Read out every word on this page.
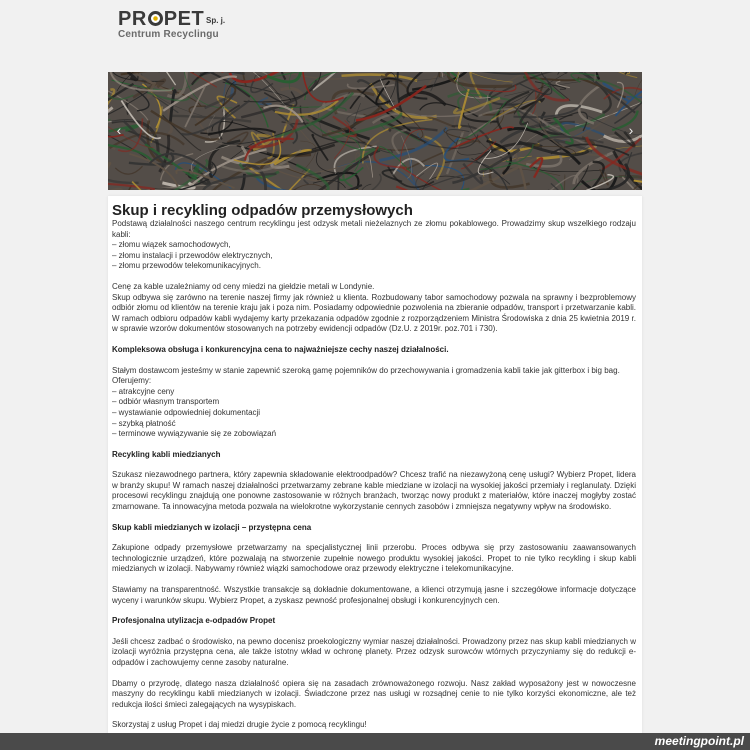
PR PET Sp. j.
Centrum Recyclingu
‹	›
Skup i recykling odpadów przemysłowych

Podstawą działalności naszego centrum recyklingu jest odzysk metali nieżelaznych ze złomu pokablowego. Prowadzimy skup wszelkiego rodzaju kabli:

– złomu wiązek samochodowych,
– złomu instalacji i przewodów elektrycznych,
– złomu przewodów telekomunikacyjnych.

Cenę za kable uzależniamy od ceny miedzi na giełdzie metali w Londynie.

Skup odbywa się zarówno na terenie naszej firmy jak również u klienta. Rozbudowany tabor samochodowy pozwala na sprawny i bezproblemowy odbiór złomu od klientów na terenie kraju jak i poza nim. Posiadamy odpowiednie pozwolenia na zbieranie odpadów, transport i przetwarzanie kabli. W ramach odbioru odpadów kabli wydajemy karty przekazania odpadów zgodnie z rozporządzeniem Ministra Środowiska z dnia 25 kwietnia 2019 r. w sprawie wzorów dokumentów stosowanych na potrzeby ewidencji odpadów (Dz.U. z 2019r. poz.701 i 730).

Kompleksowa obsługa i konkurencyjna cena to najważniejsze cechy naszej działalności.

Stałym dostawcom jesteśmy w stanie zapewnić szeroką gamę pojemników do przechowywania i gromadzenia kabli takie jak gitterbox i big bag.

Oferujemy:

– atrakcyjne ceny
– odbiór własnym transportem
– wystawianie odpowiedniej dokumentacji
– szybką płatność
– terminowe wywiązywanie się ze zobowiązań

Recykling kabli miedzianych

Szukasz niezawodnego partnera, który zapewnia składowanie elektroodpadów? Chcesz trafić na niezawyżoną cenę usługi? Wybierz Propet, lidera w branży skupu! W ramach naszej działalności przetwarzamy zebrane kable miedziane w izolacji na wysokiej jakości przemiały i reglanulaty. Dzięki procesowi recyklingu znajdują one ponowne zastosowanie w różnych branżach, tworząc nowy produkt z materiałów, które inaczej mogłyby zostać zmarnowane. Ta innowacyjna metoda pozwala na wielokrotne wykorzystanie cennych zasobów i zmniejsza negatywny wpływ na środowisko.

Skup kabli miedzianych w izolacji – przystępna cena

Zakupione odpady przemysłowe przetwarzamy na specjalistycznej linii przerobu. Proces odbywa się przy zastosowaniu zaawansowanych technologicznie urządzeń, które pozwalają na stworzenie zupełnie nowego produktu wysokiej jakości. Propet to nie tylko recykling i skup kabli miedzianych w izolacji. Nabywamy również wiązki samochodowe oraz przewody elektryczne i telekomunikacyjne.

Stawiamy na transparentność. Wszystkie transakcje są dokładnie dokumentowane, a klienci otrzymują jasne i szczegółowe informacje dotyczące wyceny i warunków skupu. Wybierz Propet, a zyskasz pewność profesjonalnej obsługi i konkurencyjnych cen.

Profesjonalna utylizacja e-odpadów Propet

Jeśli chcesz zadbać o środowisko, na pewno docenisz proekologiczny wymiar naszej działalności. Prowadzony przez nas skup kabli miedzianych w izolacji wyróżnia przystępna cena, ale także istotny wkład w ochronę planety. Przez odzysk surowców wtórnych przyczyniamy się do redukcji e-odpadów i zachowujemy cenne zasoby naturalne.

Dbamy o przyrodę, dlatego nasza działalność opiera się na zasadach zrównoważonego rozwoju. Nasz zakład wyposażony jest w nowoczesne maszyny do recyklingu kabli miedzianych w izolacji. Świadczone przez nas usługi w rozsądnej cenie to nie tylko korzyści ekonomiczne, ale też redukcja ilości śmieci zalegających na wysypiskach.

Skorzystaj z usług Propet i daj miedzi drugie życie z pomocą recyklingu!

meetingpoint.pl
